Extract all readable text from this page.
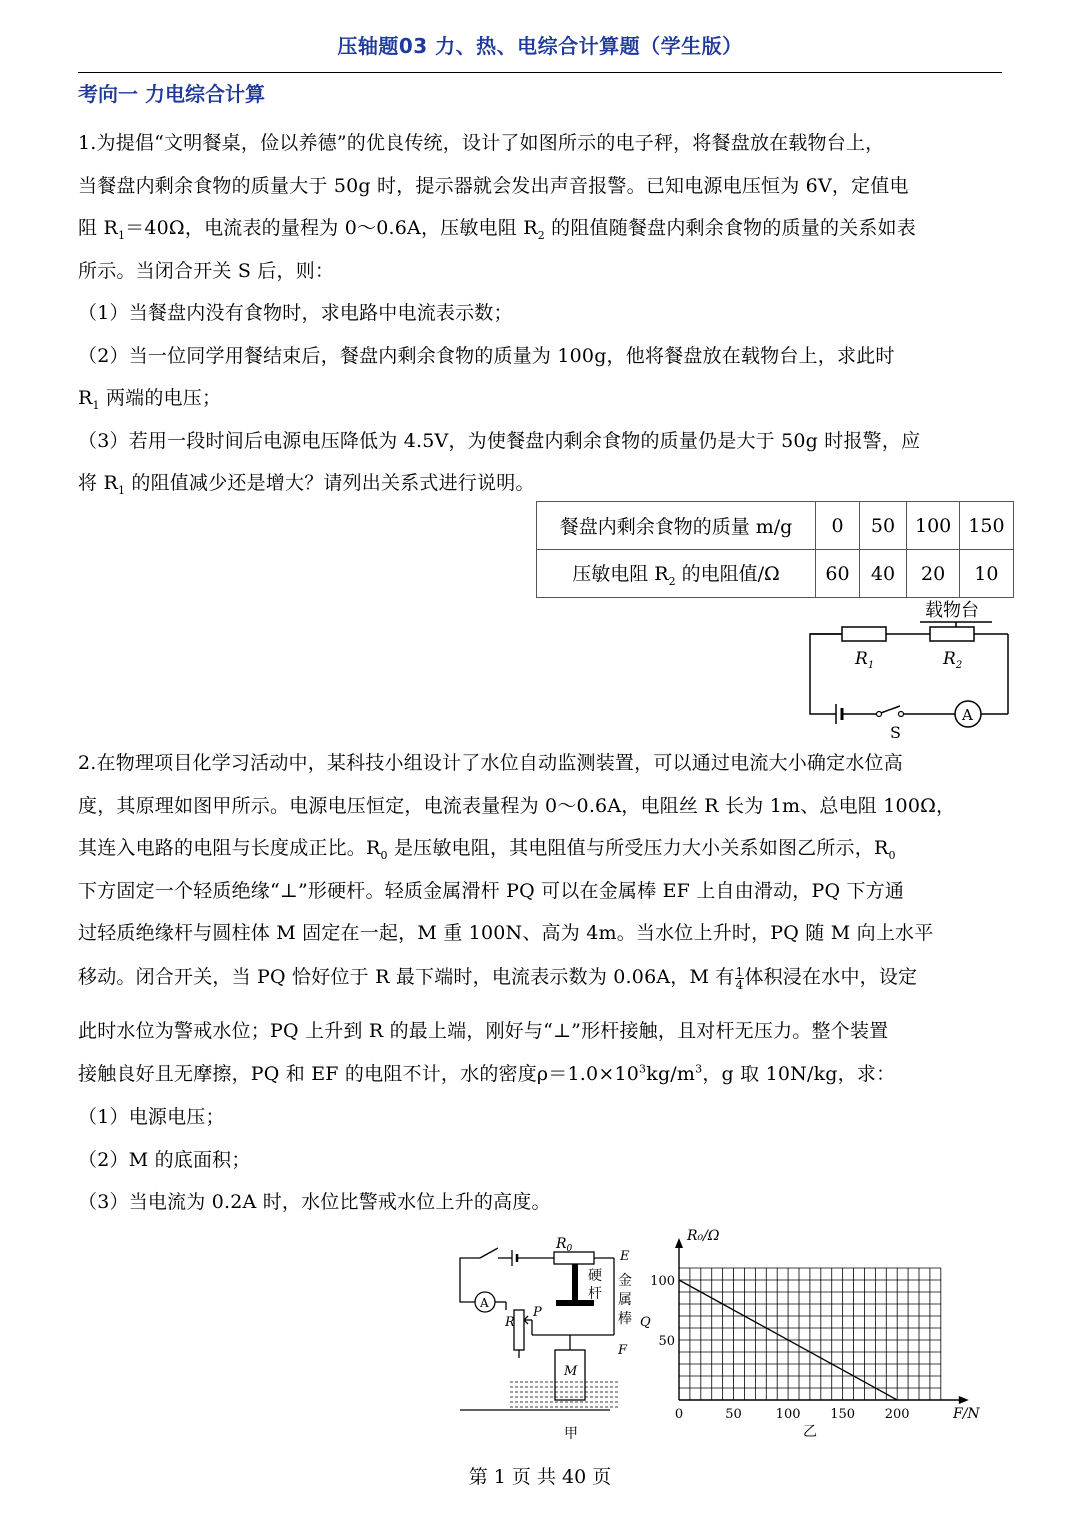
压轴题03 力、热、电综合计算题（学生版）
考向一 力电综合计算
1.为提倡“文明餐桌，俭以养德”的优良传统，设计了如图所示的电子秤，将餐盘放在载物台上，
当餐盘内剩余食物的质量大于 50g 时，提示器就会发出声音报警。已知电源电压恒为 6V，定值电
阻 $R_1=40\Omega$，电流表的量程为 0～0.6A，压敏电阻 $R_2$ 的阻值随餐盘内剩余食物的质量的关系如表
所示。当闭合开关 S 后，则：
（1）当餐盘内没有食物时，求电路中电流表示数；
（2）当一位同学用餐结束后，餐盘内剩余食物的质量为 100g，他将餐盘放在载物台上，求此时
$R_1$ 两端的电压；
（3）若用一段时间后电源电压降低为 4.5V，为使餐盘内剩余食物的质量仍是大于 50g 时报警，应
将 $R_1$ 的阻值减少还是增大？请列出关系式进行说明。
餐盘内剩余食物的质量 m/g	0	50	100	150
压敏电阻 $R_2$ 的电阻值/Ω	60	40	20	10
载物台
$R_1$	$R_2$
S
A
2.在物理项目化学习活动中，某科技小组设计了水位自动监测装置，可以通过电流大小确定水位高
度，其原理如图甲所示。电源电压恒定，电流表量程为 0～0.6A，电阻丝 R 长为 1m、总电阻 100Ω，
其连入电路的电阻与长度成正比。$R_0$ 是压敏电阻，其电阻值与所受压力大小关系如图乙所示，$R_0$
下方固定一个轻质绝缘“⊥”形硬杆。轻质金属滑杆 PQ 可以在金属棒 EF 上自由滑动，PQ 下方通
过轻质绝缘杆与圆柱体 M 固定在一起，M 重 100N、高为 4m。当水位上升时，PQ 随 M 向上水平
移动。闭合开关，当 PQ 恰好位于 R 最下端时，电流表示数为 0.06A，M 有 $\frac{1}{4}$ 体积浸在水中，设定
此时水位为警戒水位；PQ 上升到 R 的最上端，刚好与“⊥”形杆接触，且对杆无压力。整个装置
接触良好且无摩擦，PQ 和 EF 的电阻不计，水的密度$\rho=1.0\times 10^3kg/m^3$，g 取 10N/kg，求：
（1）电源电压；
（2）M 的底面积；
（3）当电流为 0.2A 时，水位比警戒水位上升的高度。
$R_0$
硬
杆
金
属
棒
E
F
P
Q
R
M
A
甲
0	50	100 150 200
50
100
R₀/Ω
F/N
乙
第 1 页 共 40 页
